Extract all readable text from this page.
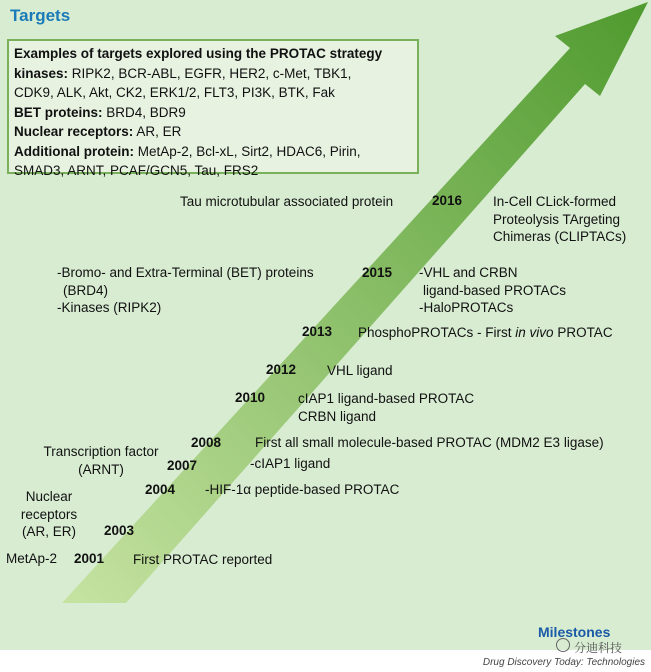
Targets
Examples of targets explored using the PROTAC strategy
kinases: RIPK2, BCR-ABL, EGFR, HER2, c-Met, TBK1,
CDK9, ALK, Akt, CK2, ERK1/2, FLT3, PI3K, BTK, Fak
BET proteins: BRD4, BDR9
Nuclear receptors: AR, ER
Additional protein: MetAp-2, Bcl-xL, Sirt2, HDAC6, Pirin,
SMAD3, ARNT, PCAF/GCN5, Tau, FRS2
2001
2003
2004
2007
2008
2010
2012
2013
2015
2016
MetAp-2
Nuclear
receptors
(AR, ER)
Transcription factor
(ARNT)
-Bromo- and Extra-Terminal (BET) proteins
(BRD4)
-Kinases (RIPK2)
Tau microtubular associated protein
First PROTAC reported
-HIF-1α peptide-based PROTAC
-cIAP1 ligand
First all small molecule-based PROTAC (MDM2 E3 ligase)
cIAP1 ligand-based PROTAC
CRBN ligand
VHL ligand
PhosphoPROTACs - First in vivo PROTAC
-VHL and CRBN
ligand-based PROTACs
-HaloPROTACs
In-Cell CLick-formed
Proteolysis TArgeting
Chimeras (CLIPTACs)
Milestones
分迪科技
Drug Discovery Today: Technologies
